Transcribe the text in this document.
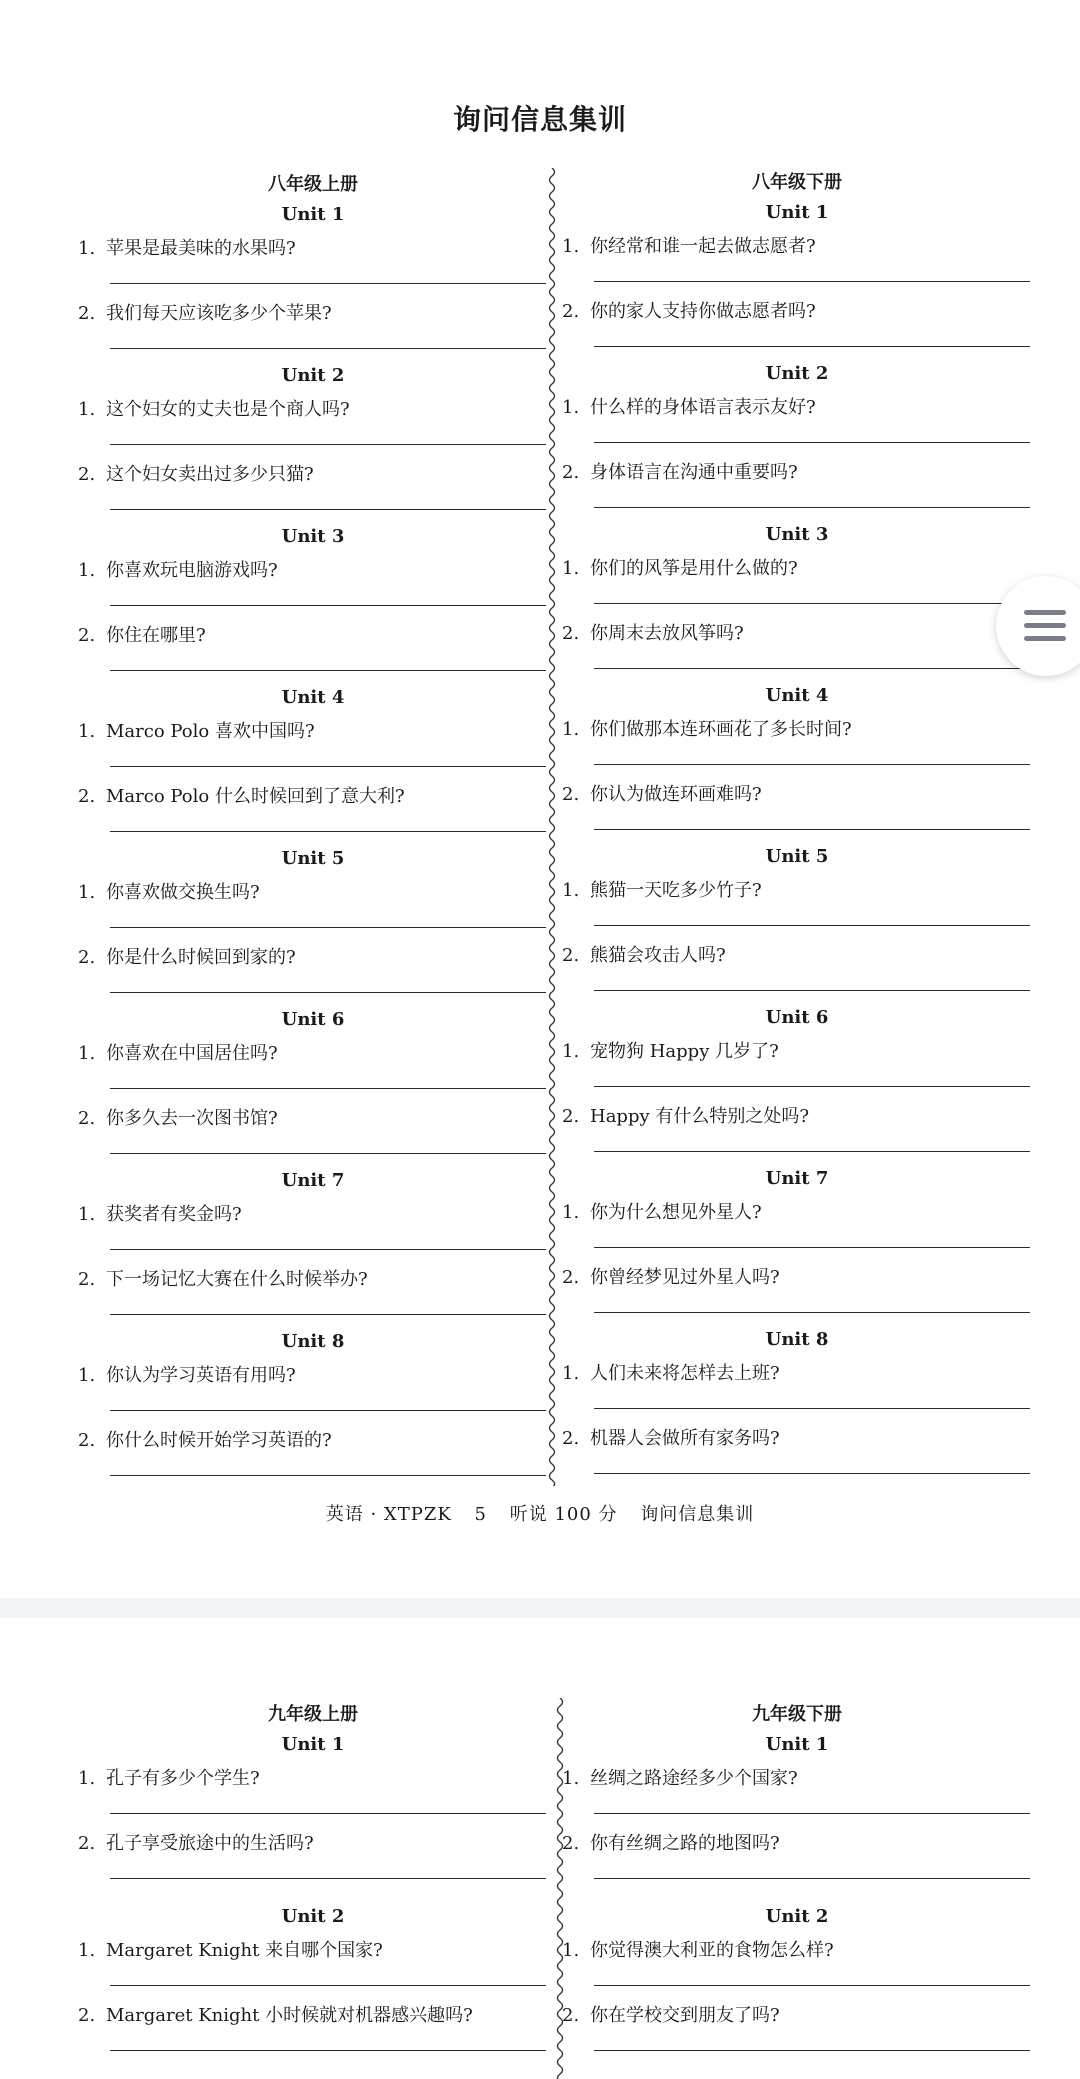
询问信息集训
八年级上册
Unit 1
1. 苹果是最美味的水果吗?
2. 我们每天应该吃多少个苹果?
Unit 2
1. 这个妇女的丈夫也是个商人吗?
2. 这个妇女卖出过多少只猫?
Unit 3
1. 你喜欢玩电脑游戏吗?
2. 你住在哪里?
Unit 4
1. Marco Polo 喜欢中国吗?
2. Marco Polo 什么时候回到了意大利?
Unit 5
1. 你喜欢做交换生吗?
2. 你是什么时候回到家的?
Unit 6
1. 你喜欢在中国居住吗?
2. 你多久去一次图书馆?
Unit 7
1. 获奖者有奖金吗?
2. 下一场记忆大赛在什么时候举办?
Unit 8
1. 你认为学习英语有用吗?
2. 你什么时候开始学习英语的?
八年级下册
Unit 1
1. 你经常和谁一起去做志愿者?
2. 你的家人支持你做志愿者吗?
Unit 2
1. 什么样的身体语言表示友好?
2. 身体语言在沟通中重要吗?
Unit 3
1. 你们的风筝是用什么做的?
2. 你周末去放风筝吗?
Unit 4
1. 你们做那本连环画花了多长时间?
2. 你认为做连环画难吗?
Unit 5
1. 熊猫一天吃多少竹子?
2. 熊猫会攻击人吗?
Unit 6
1. 宠物狗 Happy 几岁了?
2. Happy 有什么特别之处吗?
Unit 7
1. 你为什么想见外星人?
2. 你曾经梦见过外星人吗?
Unit 8
1. 人们未来将怎样去上班?
2. 机器人会做所有家务吗?
英语 · XTPZK 5 听说 100 分 询问信息集训
九年级上册
Unit 1
1. 孔子有多少个学生?
2. 孔子享受旅途中的生活吗?
Unit 2
1. Margaret Knight 来自哪个国家?
2. Margaret Knight 小时候就对机器感兴趣吗?
九年级下册
Unit 1
1. 丝绸之路途经多少个国家?
2. 你有丝绸之路的地图吗?
Unit 2
1. 你觉得澳大利亚的食物怎么样?
2. 你在学校交到朋友了吗?
